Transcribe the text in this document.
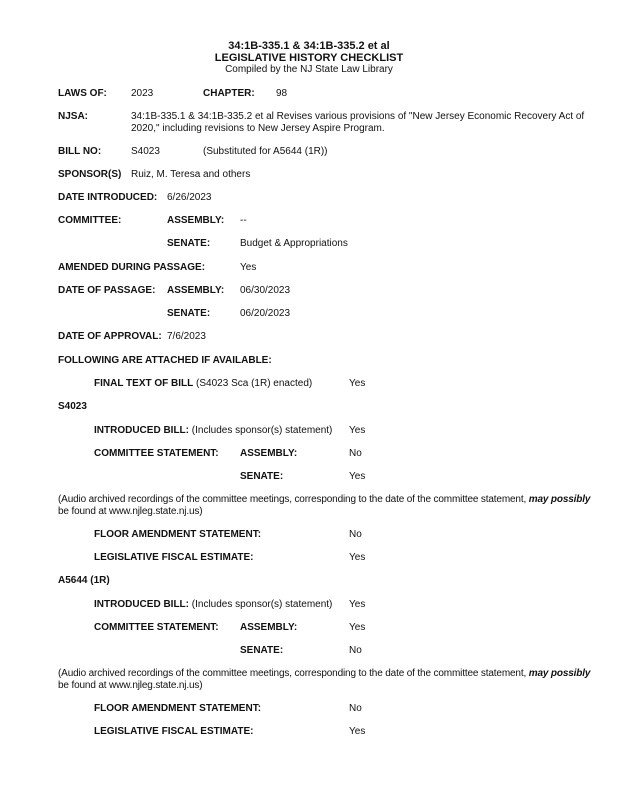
34:1B-335.1 & 34:1B-335.2 et al
LEGISLATIVE HISTORY CHECKLIST
Compiled by the NJ State Law Library
LAWS OF: 2023	CHAPTER: 98
NJSA:	34:1B-335.1 & 34:1B-335.2 et al Revises various provisions of "New Jersey Economic Recovery Act of 2020," including revisions to New Jersey Aspire Program.
BILL NO:	S4023	(Substituted for A5644 (1R))
SPONSOR(S) Ruiz, M. Teresa and others
DATE INTRODUCED: 6/26/2023
COMMITTEE:	ASSEMBLY: --
SENATE:	Budget & Appropriations
AMENDED DURING PASSAGE:	Yes
DATE OF PASSAGE: ASSEMBLY: 06/30/2023
SENATE:	06/20/2023
DATE OF APPROVAL: 7/6/2023
FOLLOWING ARE ATTACHED IF AVAILABLE:
FINAL TEXT OF BILL (S4023 Sca (1R) enacted)	Yes
S4023
INTRODUCED BILL: (Includes sponsor(s) statement) Yes
COMMITTEE STATEMENT: ASSEMBLY:	No
SENATE:	Yes
(Audio archived recordings of the committee meetings, corresponding to the date of the committee statement, may possibly
be found at www.njleg.state.nj.us)
FLOOR AMENDMENT STATEMENT:	No
LEGISLATIVE FISCAL ESTIMATE:	Yes
A5644 (1R)
INTRODUCED BILL: (Includes sponsor(s) statement) Yes
COMMITTEE STATEMENT: ASSEMBLY:	Yes
SENATE:	No
(Audio archived recordings of the committee meetings, corresponding to the date of the committee statement, may possibly
be found at www.njleg.state.nj.us)
FLOOR AMENDMENT STATEMENT:	No
LEGISLATIVE FISCAL ESTIMATE:	Yes
